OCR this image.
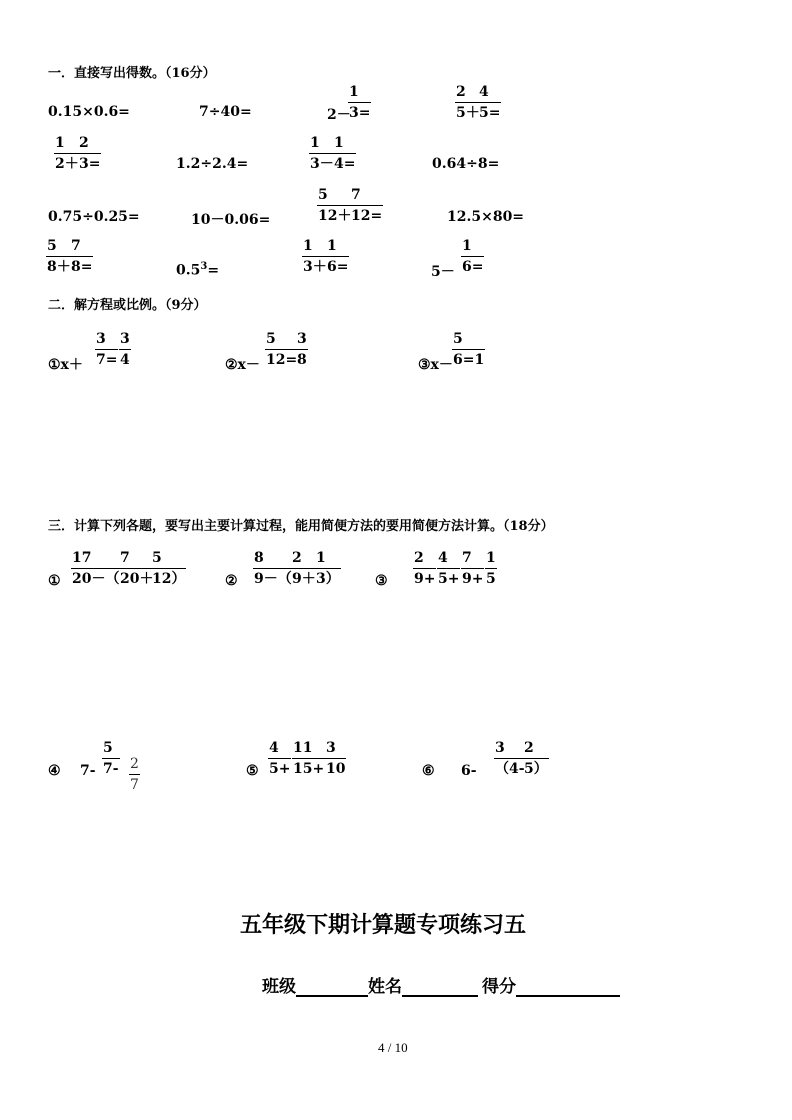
一．直接写出得数。（16分）
0.15×0.6=	7÷40=	2－
$\frac{1}{3=}$	$\frac{2}{5+}$
$\frac{4}{5=}$
$\frac{1}{2+}$
$\frac{2}{3=}$	1.2÷2.4=	$\frac{1}{3-}$
$\frac{1}{4=}$	0.64÷8=
0.75÷0.25=	10－0.06=	$\frac{5}{12+}$
$\frac{7}{12=}$	12.5×80=
$\frac{5}{8+}$
$\frac{7}{8=}$	$0.5^3=$	$\frac{1}{3+}$
$\frac{1}{6=}$	$5- \frac{1}{6=}$
二．解方程或比例。（9分）
①x＋ $\frac{3}{7=} \frac{3}{4}$	②x－ $\frac{5}{12=}$
$\frac{3}{8}$	③x－ $\frac{5}{6=1}$
三．计算下列各题，要写出主要计算过程，能用简便方法的要用简便方法计算。（18分）
① $\frac{17}{20-(}$
$\frac{7}{20+}$
$\frac{5}{12)}$	② $\frac{8}{9-(}$
$\frac{2}{9+}$
$\frac{1}{3)}$ ③ $\frac{2}{9+} \frac{4}{5+} \frac{7}{9+} \frac{1}{5}$
④ $7- \frac{5}{7-} \frac{2}{7}$	⑤ $\frac{4}{5+} \frac{11}{15+} \frac{3}{10}$	⑥ $6- \frac{3}{(4-}$
$\frac{2}{5)}$
五年级下期计算题专项练习五
班级	姓名	得分
4 / 10
